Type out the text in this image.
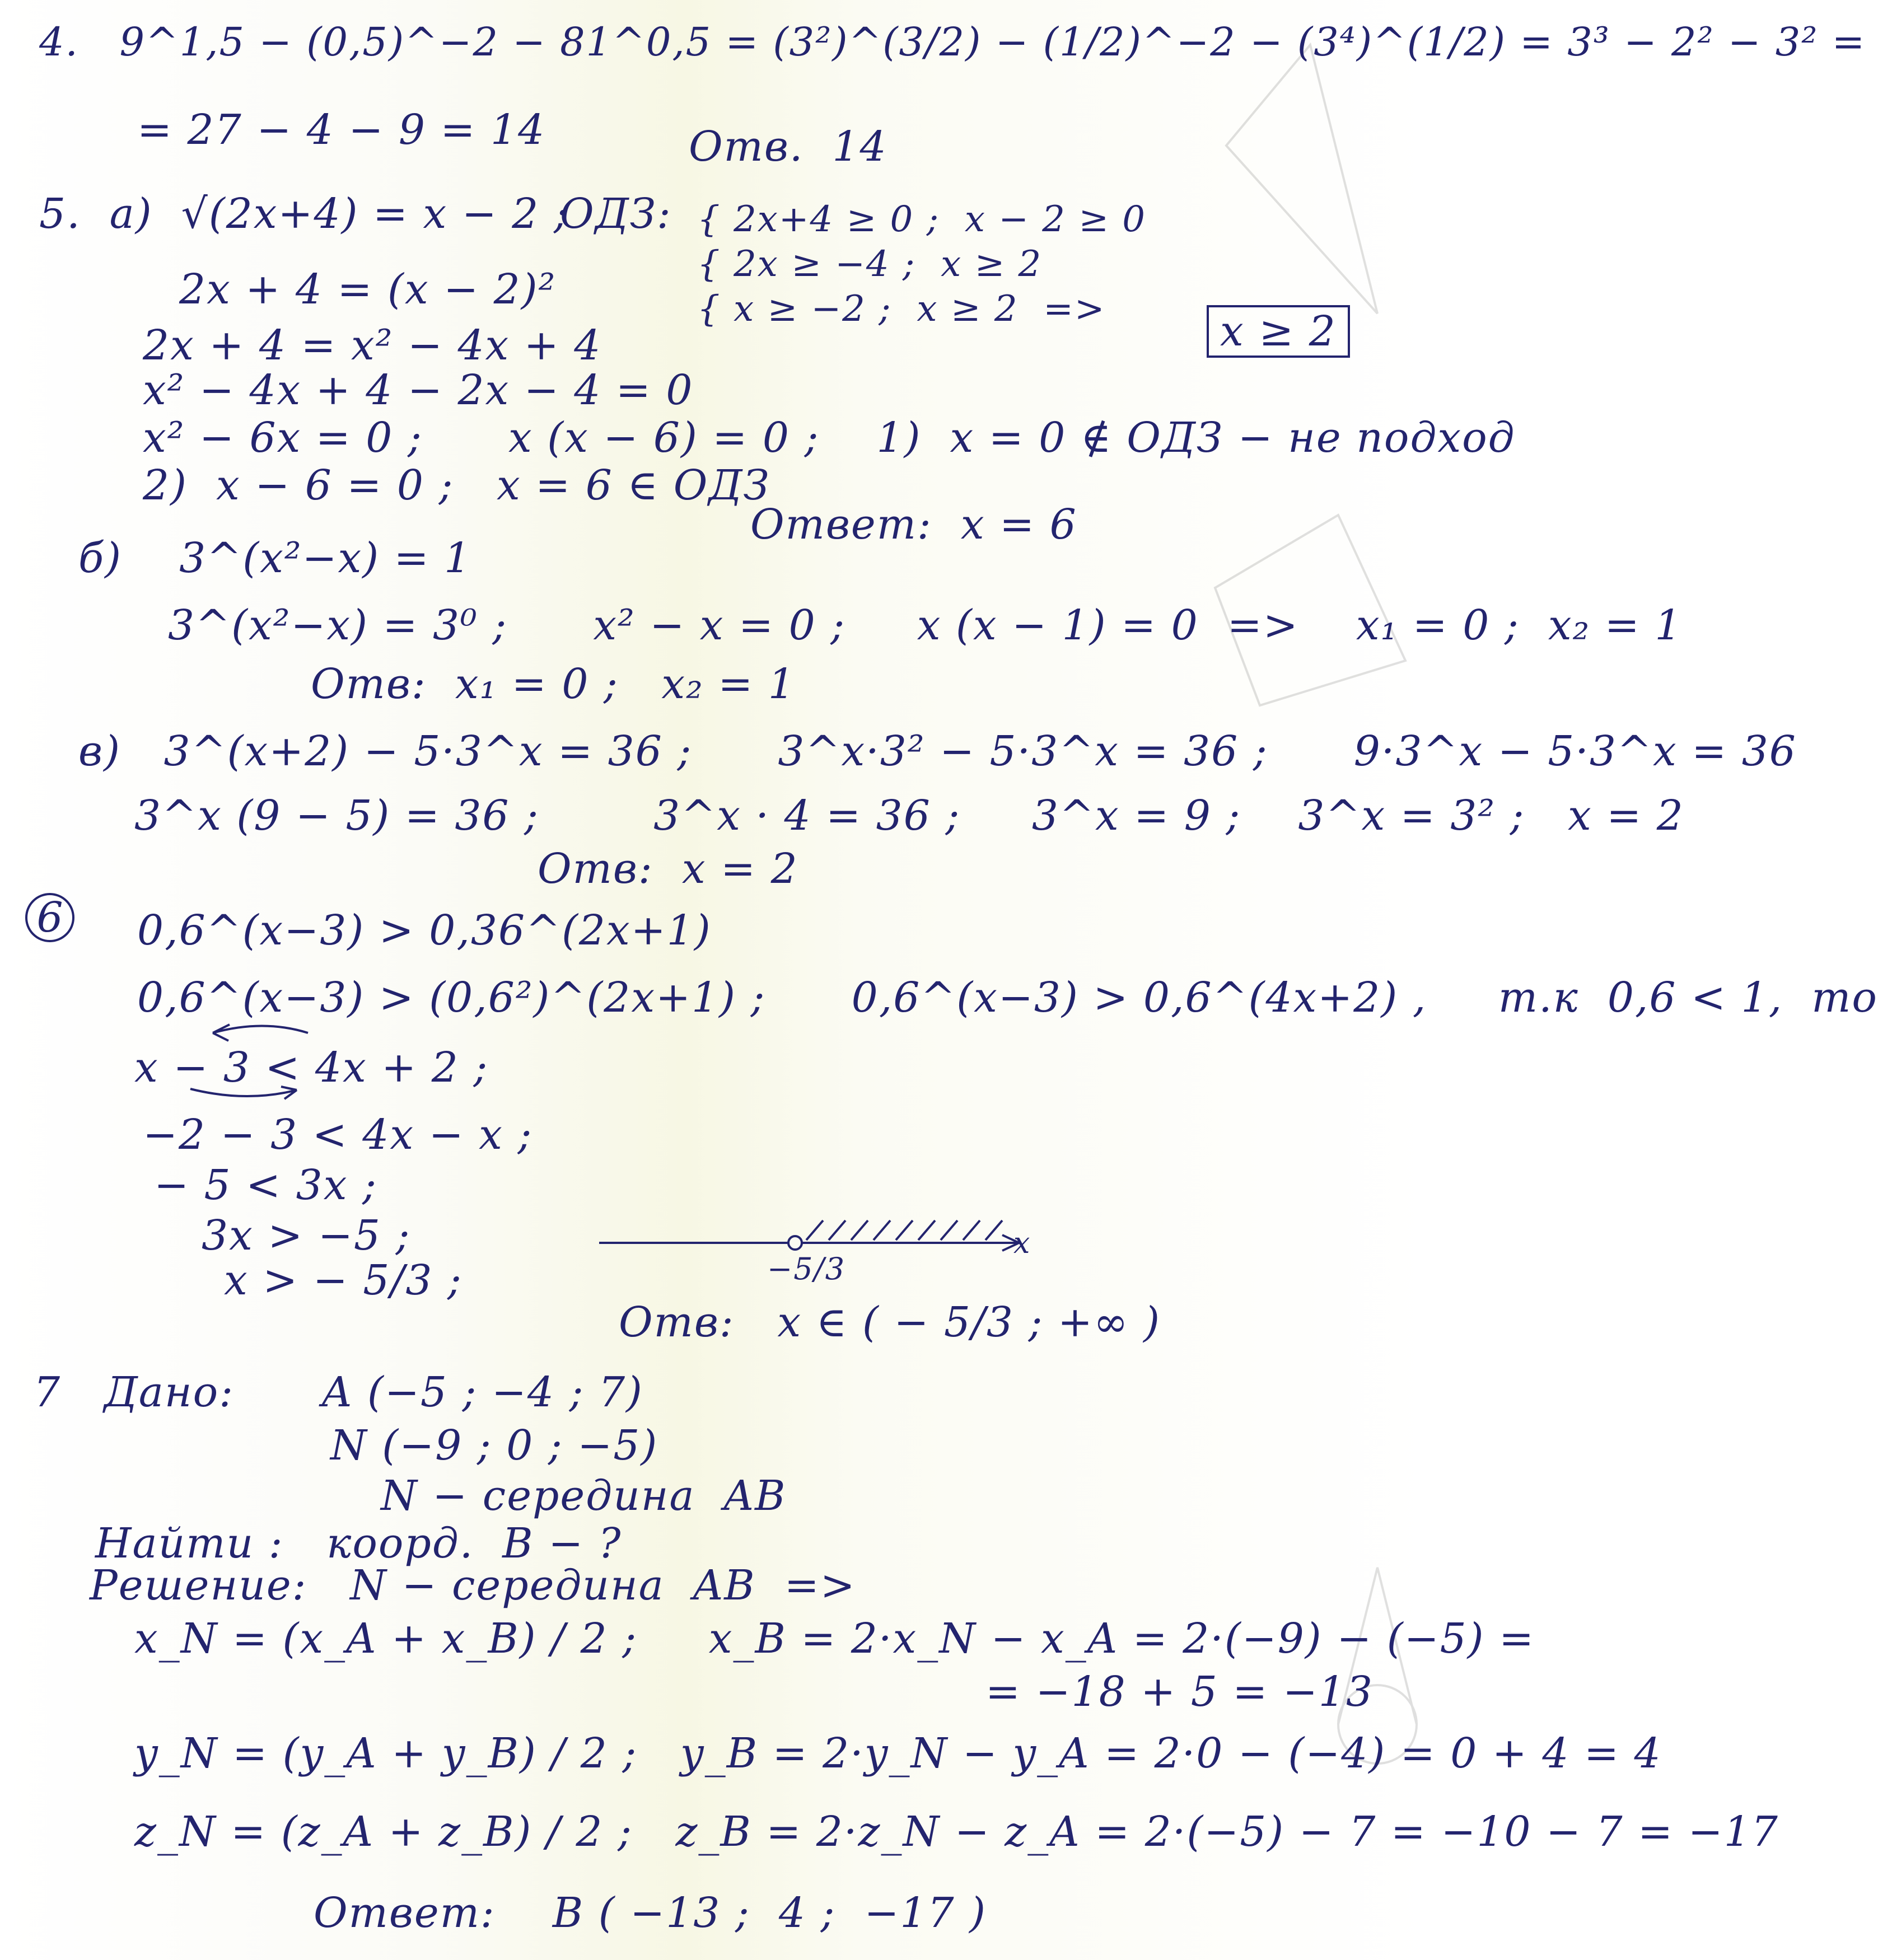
4.   9^1,5 − (0,5)^−2 − 81^0,5 = (3²)^(3/2) − (1/2)^−2 − (3⁴)^(1/2) = 3³ − 2² − 3² =
= 27 − 4 − 9 = 14	Отв.  14
5.  а)  √(2x+4) = x − 2 ;
ОДЗ: { 2x+4 ≥ 0 ;  x − 2 ≥ 0
{ 2x ≥ −4 ;  x ≥ 2
{ x ≥ −2 ;  x ≥ 2  =>	x ≥ 2
2x + 4 = (x − 2)²
2x + 4 = x² − 4x + 4
x² − 4x + 4 − 2x − 4 = 0
x² − 6x = 0 ;      x (x − 6) = 0 ;    1)  x = 0 ∉ ОДЗ − не подход
2)  x − 6 = 0 ;   x = 6 ∈ ОДЗ
Ответ:  x = 6
б)    3^(x²−x) = 1
3^(x²−x) = 3⁰ ;      x² − x = 0 ;     x (x − 1) = 0  =>    x₁ = 0 ;  x₂ = 1
Отв:  x₁ = 0 ;   x₂ = 1
в)   3^(x+2) − 5·3^x = 36 ;      3^x·3² − 5·3^x = 36 ;      9·3^x − 5·3^x = 36
3^x (9 − 5) = 36 ;        3^x · 4 = 36 ;     3^x = 9 ;    3^x = 3² ;   x = 2
Отв:  x = 2
6 0,6^(x−3) > 0,36^(2x+1)
0,6^(x−3) > (0,6²)^(2x+1) ;      0,6^(x−3) > 0,6^(4x+2) ,     т.к  0,6 < 1,  то
x − 3 < 4x + 2 ;
−2 − 3 < 4x − x ;
− 5 < 3x ;
3x > −5 ;
x > − 5/3 ;
x
−5/3
Отв:   x ∈ ( − 5/3 ; +∞ )
7   Дано: A (−5 ; −4 ; 7)
N (−9 ; 0 ; −5)
N − середина  AB
Найти :   коорд.  B − ?
Решение:   N − середина  AB  =>
x_N = (x_A + x_B) / 2 ;     x_B = 2·x_N − x_A = 2·(−9) − (−5) =
= −18 + 5 = −13
y_N = (y_A + y_B) / 2 ;   y_B = 2·y_N − y_A = 2·0 − (−4) = 0 + 4 = 4
z_N = (z_A + z_B) / 2 ;   z_B = 2·z_N − z_A = 2·(−5) − 7 = −10 − 7 = −17
Ответ:    B ( −13 ;  4 ;  −17 )
